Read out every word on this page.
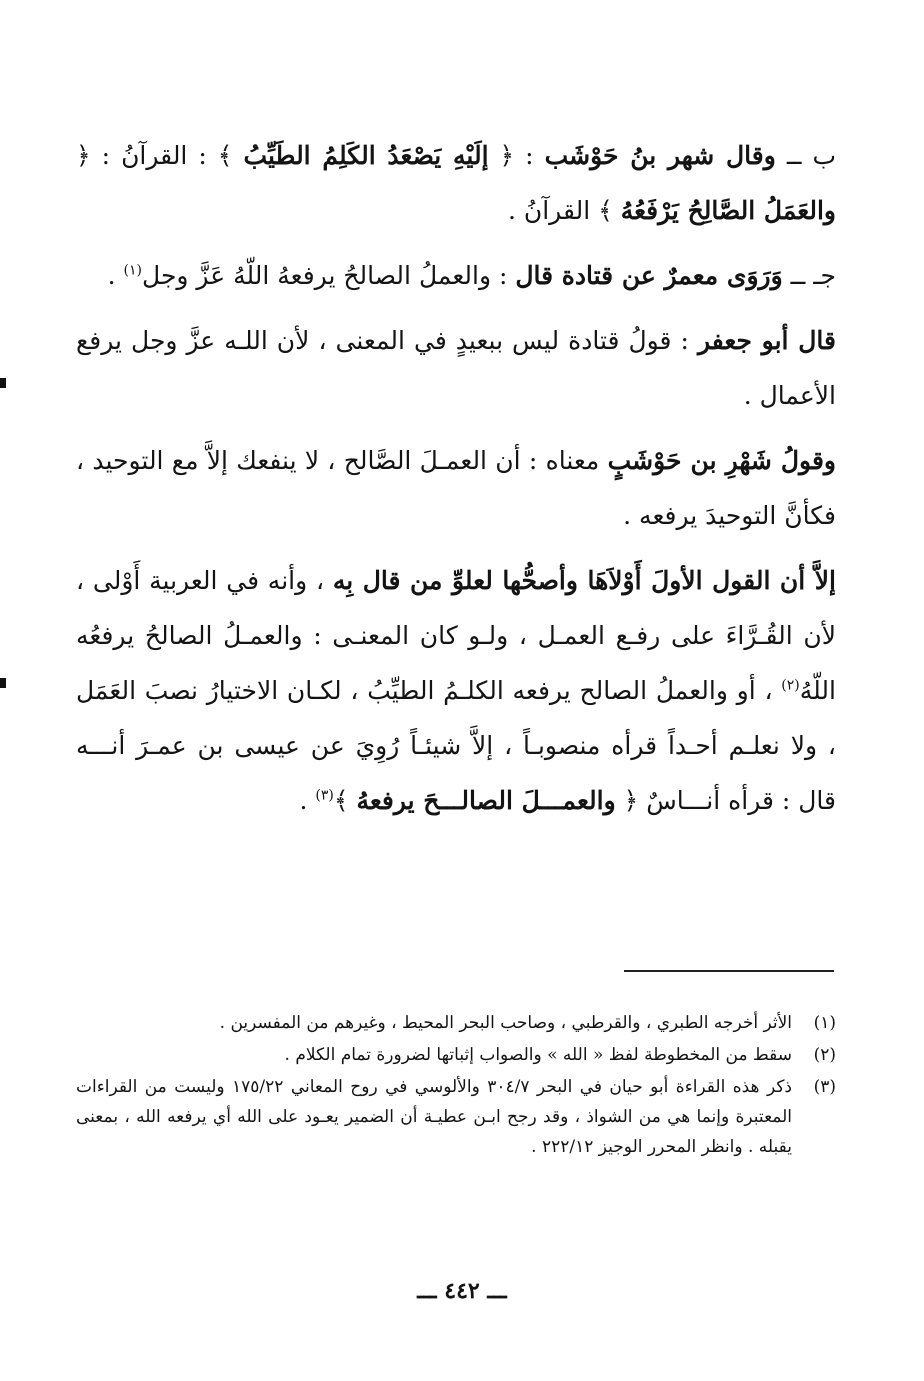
ب ــ وقال شهر بنُ حَوْشَب : ﴿ إلَيْهِ يَصْعَدُ الكَلِمُ الطَيِّبُ ﴾ : القرآنُ : ﴿ والعَمَلُ الصَّالِحُ يَرْفَعُهُ ﴾ القرآنُ .

جـ ــ وَرَوَى معمرٌ عن قتادة قال : والعملُ الصالحُ يرفعهُ اللّهُ عَزَّ وجل$^{(١)}$ .

قال أبو جعفر : قولُ قتادة ليس ببعيدٍ في المعنى ، لأن اللـه عزَّ وجل يرفع الأعمال .

وقولُ شَهْرِ بن حَوْشَبٍ معناه : أن العمـلَ الصَّالح ، لا ينفعك إلاَّ مع التوحيد ، فكأنَّ التوحيدَ يرفعه .

إلاَّ أن القول الأولَ أَوْلاَهَا وأصحُّها لعلوِّ من قال بِه ، وأنه في العربية أَوْلى ، لأن القُـرَّاءَ على رفـع العمـل ، ولـو كان المعنـى : والعمـلُ الصالحُ يرفعُه اللّهُ$^{(٢)}$ ، أو والعملُ الصالح يرفعه الكلـمُ الطيِّبُ ، لكـان الاختيارُ نصبَ العَمَل ، ولا نعلـم أحـداً قرأه منصوبـاً ، إلاَّ شيئـاً رُوِيَ عن عيسى بن عمـرَ أنـــه قال : قرأه أنـــاسٌ ﴿ والعمـــلَ الصالـــحَ يرفعهُ ﴾$^{(٣)}$ .

(١)
الأثر أخرجه الطبري ، والقرطبي ، وصاحب البحر المحيط ، وغيرهم من المفسرين .
(٢)
سقط من المخطوطة لفظ « الله » والصواب إثباتها لضرورة تمام الكلام .
(٣)
ذكر هذه القراءة أبو حيان في البحر ٣٠٤/٧ والألوسي في روح المعاني ١٧٥/٢٢ وليست من القراءات المعتبرة وإنما هي من الشواذ ، وقد رجح ابـن عطيـة أن الضمير يعـود على الله أي يرفعه الله ، بمعنى يقبله . وانظر المحرر الوجيز ٢٢٢/١٢ .
ـــ ٤٤٢ ـــ
